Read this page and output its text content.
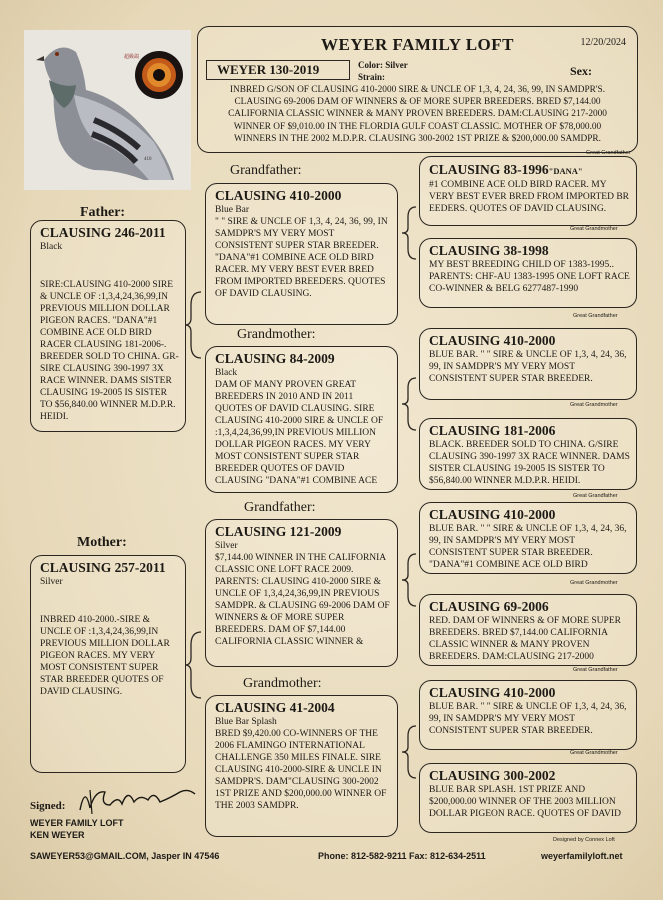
超級鴿
410
WEYER FAMILY LOFT	12/20/2024
WEYER 130-2019	Color: Silver
Strain:	Sex:
INBRED G/SON OF CLAUSING 410-2000 SIRE & UNCLE OF 1,3, 4, 24, 36, 99, IN SAMDPR'S. CLAUSING 69-2006 DAM OF WINNERS & OF MORE SUPER BREEDERS. BRED $7,144.00 CALIFORNIA CLASSIC WINNER & MANY PROVEN BREEDERS. DAM:CLAUSING 217-2000 WINNER OF $9,010.00 IN THE FLORDIA GULF COAST CLASSIC. MOTHER OF $78,000.00 WINNERS IN THE 2002 M.D.P.R. CLAUSING 300-2002 1ST PRIZE & $200,000.00 SAMDPR.
Father:
CLAUSING 246-2011
Black
SIRE:CLAUSING 410-2000 SIRE & UNCLE OF :1,3,4,24,36,99,IN PREVIOUS MILLION DOLLAR PIGEON RACES. "DANA"#1 COMBINE ACE OLD BIRD RACER CLAUSING 181-2006-. BREEDER SOLD TO CHINA. GR-SIRE CLAUSING 390-1997 3X RACE WINNER. DAMS SISTER CLAUSING 19-2005 IS SISTER TO $56,840.00 WINNER M.D.P.R. HEIDI.
Mother:
CLAUSING 257-2011
Silver
INBRED 410-2000.-SIRE & UNCLE OF :1,3,4,24,36,99,IN PREVIOUS MILLION DOLLAR PIGEON RACES. MY VERY MOST CONSISTENT SUPER STAR BREEDER QUOTES OF DAVID CLAUSING.
Grandfather:
Grandmother:
Grandfather:
Grandmother:
CLAUSING 410-2000
Blue Bar
" " SIRE & UNCLE OF 1,3, 4, 24, 36, 99, IN SAMDPR'S MY VERY MOST CONSISTENT SUPER STAR BREEDER. "DANA"#1 COMBINE ACE OLD BIRD RACER. MY VERY BEST EVER BRED FROM IMPORTED BREEDERS. QUOTES OF DAVID CLAUSING.
CLAUSING 84-2009
Black
DAM OF MANY PROVEN GREAT BREEDERS IN 2010 AND IN 2011 QUOTES OF DAVID CLAUSING. SIRE CLAUSING 410-2000 SIRE & UNCLE OF :1,3,4,24,36,99,IN PREVIOUS MILLION DOLLAR PIGEON RACES. MY VERY MOST CONSISTENT SUPER STAR BREEDER QUOTES OF DAVID CLAUSING "DANA"#1 COMBINE ACE
CLAUSING 121-2009
Silver
$7,144.00 WINNER IN THE CALIFORNIA CLASSIC ONE LOFT RACE 2009. PARENTS: CLAUSING 410-2000 SIRE & UNCLE OF 1,3,4,24,36,99,IN PREVIOUS SAMDPR. & CLAUSING 69-2006 DAM OF WINNERS & OF MORE SUPER BREEDERS. DAM OF $7,144.00 CALIFORNIA CLASSIC WINNER &
CLAUSING 41-2004
Blue Bar Splash
BRED $9,420.00 CO-WINNERS OF THE 2006 FLAMINGO INTERNATIONAL CHALLENGE 350 MILES FINALE. SIRE CLAUSING 410-2000-SIRE & UNCLE IN SAMDPR'S. DAM"CLAUSING 300-2002 1ST PRIZE AND $200,000.00 WINNER OF THE 2003 SAMDPR.
CLAUSING 83-1996"DANA"
#1 COMBINE ACE OLD BIRD RACER. MY VERY BEST EVER BRED FROM IMPORTED BR EEDERS. QUOTES OF DAVID CLAUSING.
CLAUSING 38-1998
MY BEST BREEDING CHILD OF 1383-1995.. PARENTS: CHF-AU 1383-1995 ONE LOFT RACE CO-WINNER & BELG 6277487-1990
CLAUSING 410-2000
BLUE BAR. " " SIRE & UNCLE OF 1,3, 4, 24, 36, 99, IN SAMDPR'S MY VERY MOST CONSISTENT SUPER STAR BREEDER.
CLAUSING 181-2006
BLACK. BREEDER SOLD TO CHINA. G/SIRE CLAUSING 390-1997 3X RACE WINNER. DAMS SISTER CLAUSING 19-2005 IS SISTER TO $56,840.00 WINNER M.D.P.R. HEIDI.
CLAUSING 410-2000
BLUE BAR. " " SIRE & UNCLE OF 1,3, 4, 24, 36, 99, IN SAMDPR'S MY VERY MOST CONSISTENT SUPER STAR BREEDER. "DANA"#1 COMBINE ACE OLD BIRD
CLAUSING 69-2006
RED. DAM OF WINNERS & OF MORE SUPER BREEDERS. BRED $7,144.00 CALIFORNIA CLASSIC WINNER & MANY PROVEN BREEDERS. DAM:CLAUSING 217-2000
CLAUSING 410-2000
BLUE BAR. " " SIRE & UNCLE OF 1,3, 4, 24, 36, 99, IN SAMDPR'S MY VERY MOST CONSISTENT SUPER STAR BREEDER.
CLAUSING 300-2002
BLUE BAR SPLASH. 1ST PRIZE AND $200,000.00 WINNER OF THE 2003 MILLION DOLLAR PIGEON RACE. QUOTES OF DAVID
Great Grandfather
Great Grandmother
Great Grandfather
Great Grandmother
Great Grandfather
Great Grandmother
Great Grandfather
Great Grandmother
Signed:
WEYER FAMILY LOFT
KEN WEYER	Designed by Connex Loft
SAWEYER53@GMAIL.COM, Jasper IN 47546	Phone: 812-582-9211 Fax: 812-634-2511	weyerfamilyloft.net
